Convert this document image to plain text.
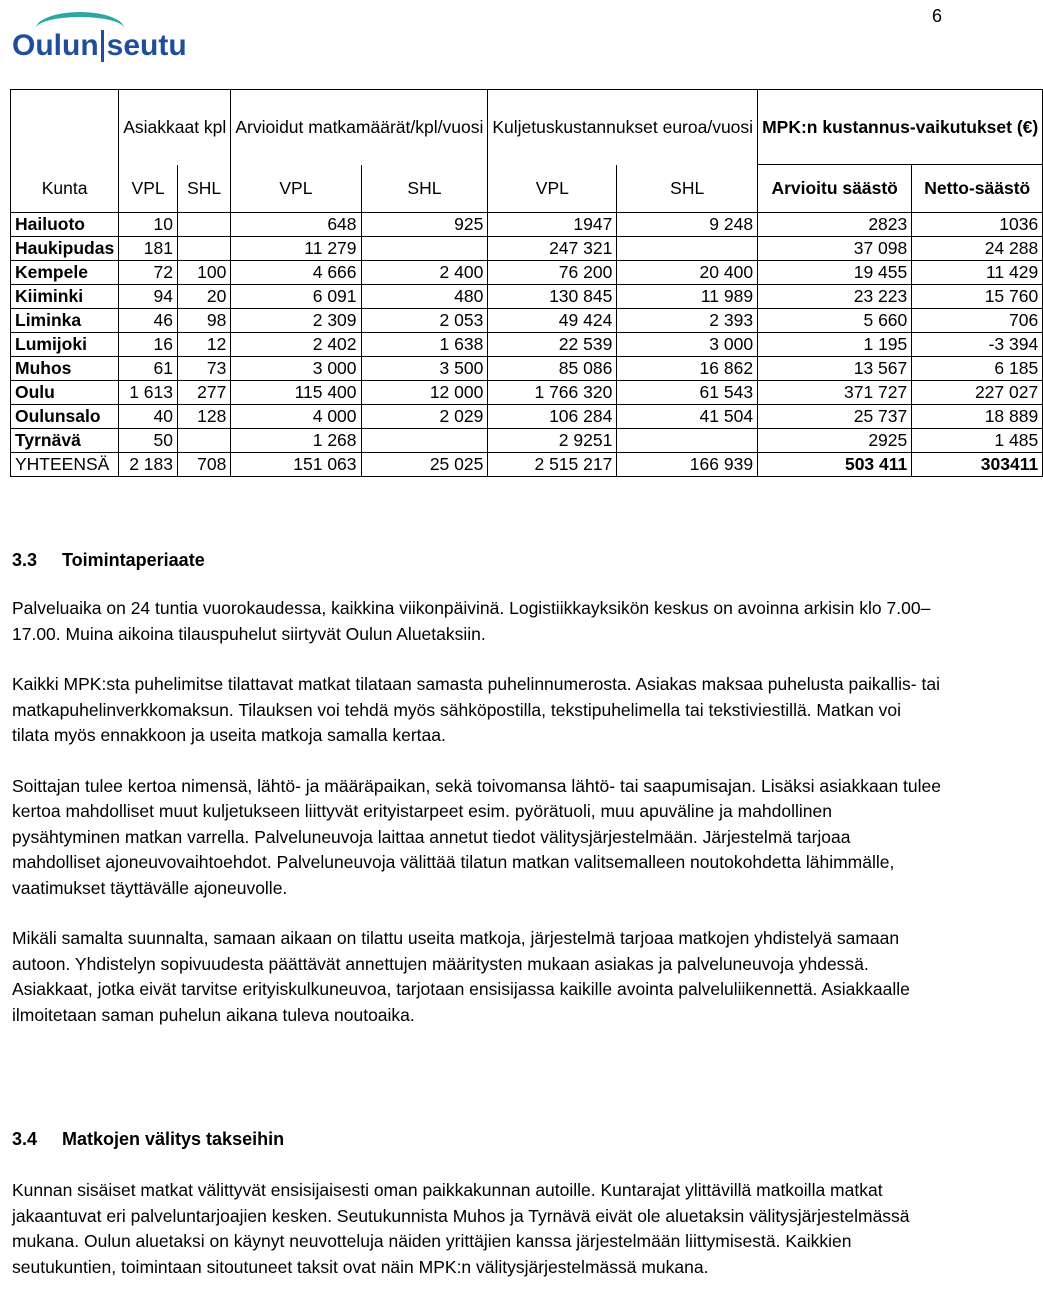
6
Oulun seutu
	Asiakkaat kpl		Arvioidut matkamäärät/kpl/vuosi		Kuljetuskustannukset euroa/vuosi		MPK:n kustannus-vaikutukset (€)	
Kunta	VPL	SHL	VPL	SHL	VPL	SHL	Arvioitu säästö	Netto-säästö
Hailuoto	10		648	925	1947	9 248	2823	1036
Haukipudas	181		11 279		247 321		37 098	24 288
Kempele	72	100	4 666	2 400	76 200	20 400	19 455	11 429
Kiiminki	94	20	6 091	480	130 845	11 989	23 223	15 760
Liminka	46	98	2 309	2 053	49 424	2 393	5 660	706
Lumijoki	16	12	2 402	1 638	22 539	3 000	1 195	-3 394
Muhos	61	73	3 000	3 500	85 086	16 862	13 567	6 185
Oulu	1 613	277	115 400	12 000	1 766 320	61 543	371 727	227 027
Oulunsalo	40	128	4 000	2 029	106 284	41 504	25 737	18 889
Tyrnävä	50		1 268		2 9251		2925	1 485
YHTEENSÄ	2 183	708	151 063	25 025	2 515 217	166 939	503 411	303411
3.3 Toimintaperiaate

Palveluaika on 24 tuntia vuorokaudessa, kaikkina viikonpäivinä. Logistiikkayksikön keskus on avoinna arkisin klo 7.00–17.00. Muina aikoina tilauspuhelut siirtyvät Oulun Aluetaksiin.

Kaikki MPK:sta puhelimitse tilattavat matkat tilataan samasta puhelinnumerosta. Asiakas maksaa puhelusta paikallis- tai matkapuhelinverkkomaksun. Tilauksen voi tehdä myös sähköpostilla, tekstipuhelimella tai tekstiviestillä. Matkan voi tilata myös ennakkoon ja useita matkoja samalla kertaa.

Soittajan tulee kertoa nimensä, lähtö- ja määräpaikan, sekä toivomansa lähtö- tai saapumisajan. Lisäksi asiakkaan tulee kertoa mahdolliset muut kuljetukseen liittyvät erityistarpeet esim. pyörätuoli, muu apuväline ja mahdollinen pysähtyminen matkan varrella. Palveluneuvoja laittaa annetut tiedot välitysjärjestelmään. Järjestelmä tarjoaa mahdolliset ajoneuvovaihtoehdot. Palveluneuvoja välittää tilatun matkan valitsemalleen noutokohdetta lähimmälle, vaatimukset täyttävälle ajoneuvolle.

Mikäli samalta suunnalta, samaan aikaan on tilattu useita matkoja, järjestelmä tarjoaa matkojen yhdistelyä samaan autoon. Yhdistelyn sopivuudesta päättävät annettujen määritysten mukaan asiakas ja palveluneuvoja yhdessä. Asiakkaat, jotka eivät tarvitse erityiskulkuneuvoa, tarjotaan ensisijassa kaikille avointa palveluliikennettä. Asiakkaalle ilmoitetaan saman puhelun aikana tuleva noutoaika.

3.4 Matkojen välitys takseihin

Kunnan sisäiset matkat välittyvät ensisijaisesti oman paikkakunnan autoille. Kuntarajat ylittävillä matkoilla matkat jakaantuvat eri palveluntarjoajien kesken. Seutukunnista Muhos ja Tyrnävä eivät ole aluetaksin välitysjärjestelmässä mukana. Oulun aluetaksi on käynyt neuvotteluja näiden yrittäjien kanssa järjestelmään liittymisestä. Kaikkien seutukuntien, toimintaan sitoutuneet taksit ovat näin MPK:n välitysjärjestelmässä mukana.
